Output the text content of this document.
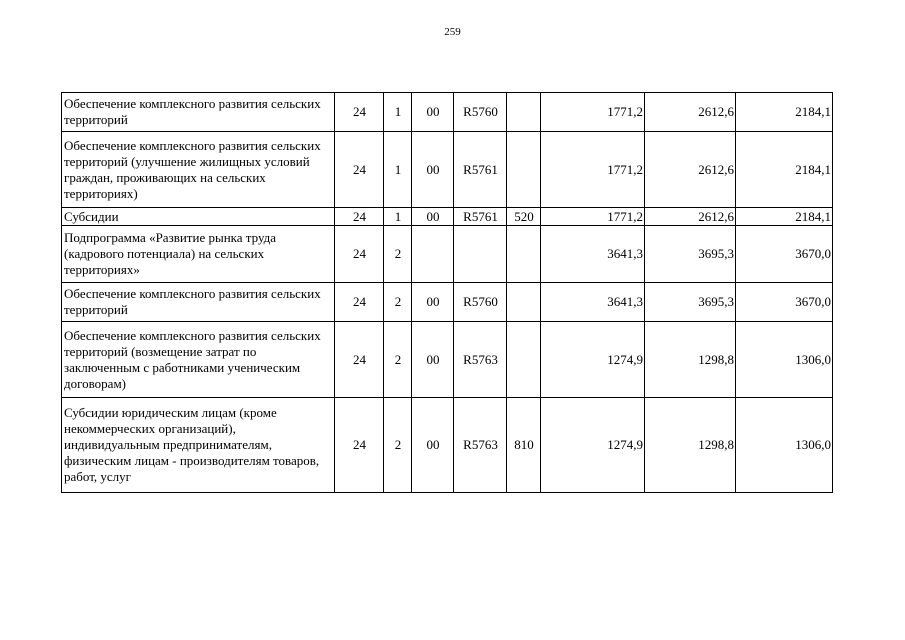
259
Обеспечение комплексного развития сельских территорий	24	1	00	R5760		1771,2	2612,6	2184,1
Обеспечение комплексного развития сельских территорий (улучшение жилищных условий граждан, проживающих на сельских территориях)	24	1	00	R5761		1771,2	2612,6	2184,1
Субсидии	24	1	00	R5761	520	1771,2	2612,6	2184,1
Подпрограмма «Развитие рынка труда (кадрового потенциала) на сельских территориях»	24	2				3641,3	3695,3	3670,0
Обеспечение комплексного развития сельских территорий	24	2	00	R5760		3641,3	3695,3	3670,0
Обеспечение комплексного развития сельских территорий (возмещение затрат по заключенным с работниками ученическим договорам)	24	2	00	R5763		1274,9	1298,8	1306,0
Субсидии юридическим лицам (кроме некоммерческих организаций), индивидуальным предпринимателям, физическим лицам - производителям товаров, работ, услуг	24	2	00	R5763	810	1274,9	1298,8	1306,0
